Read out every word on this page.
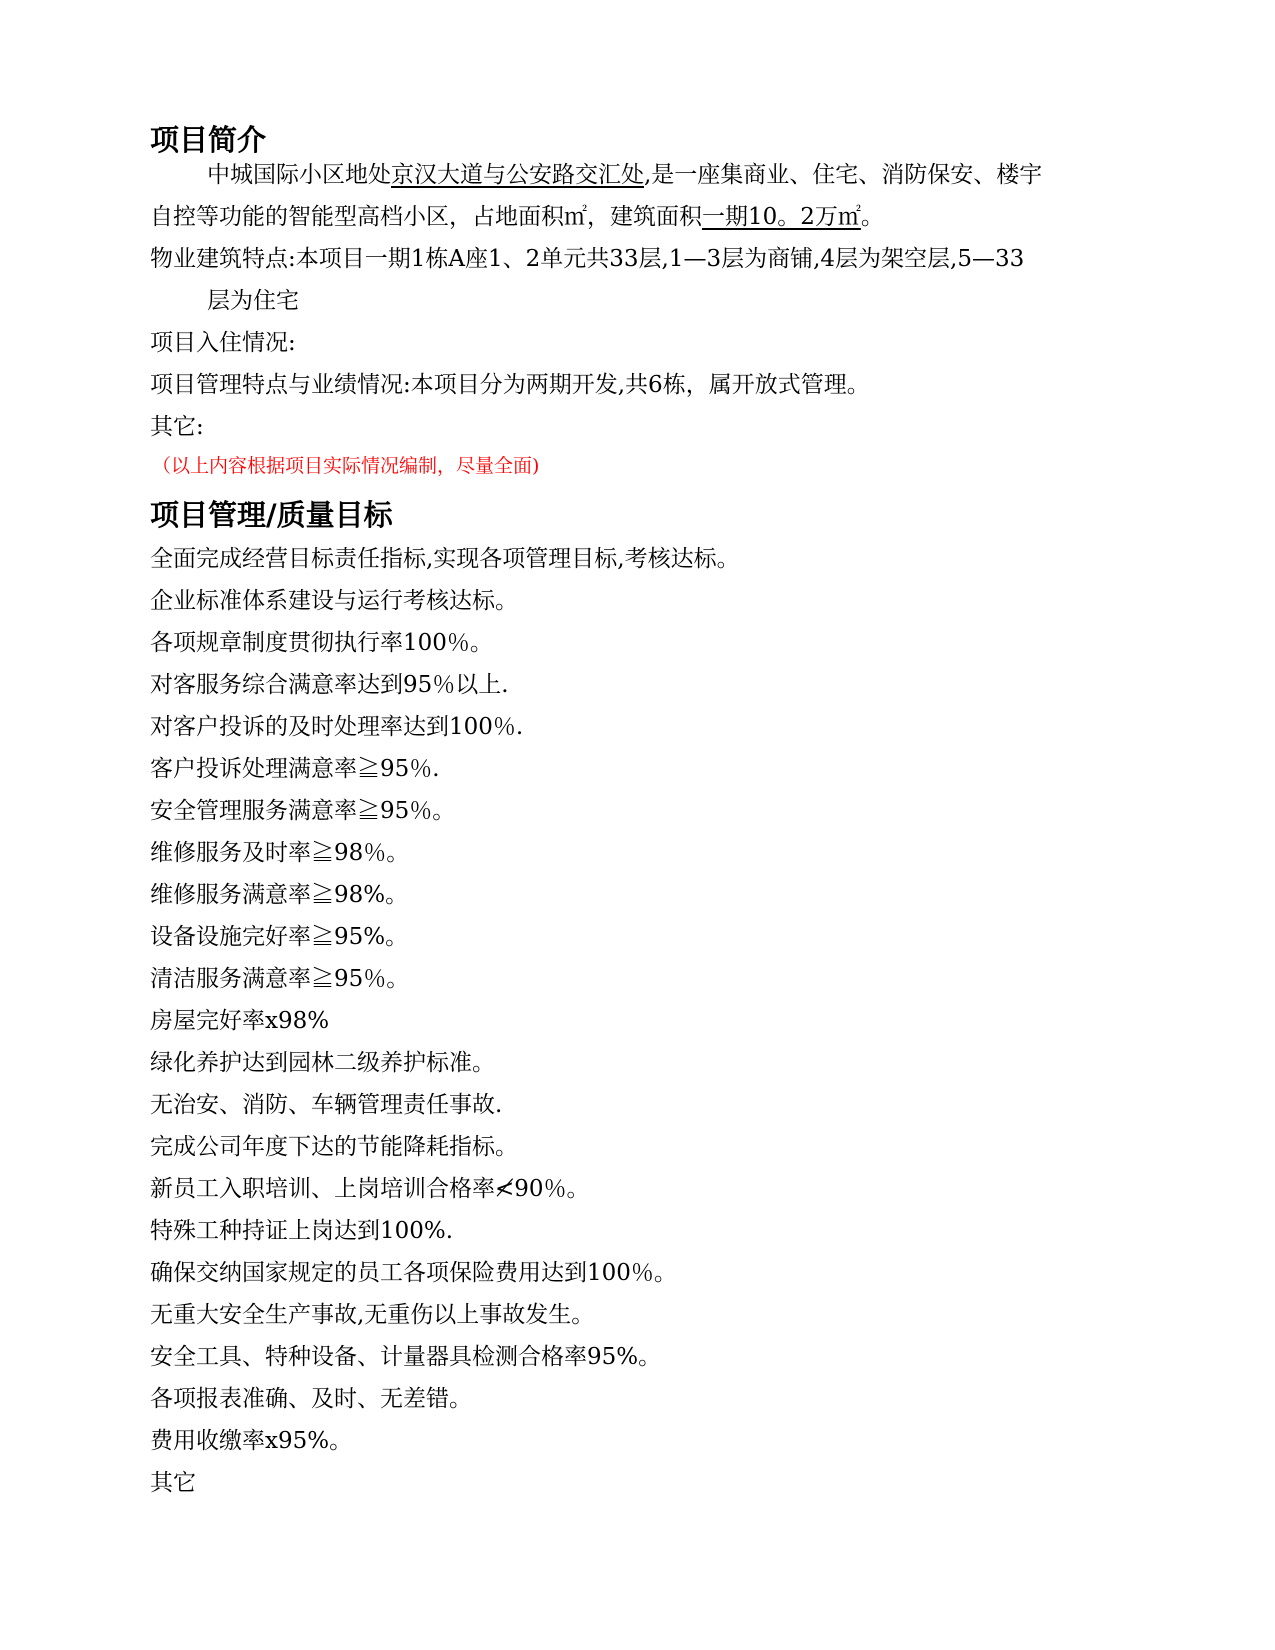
项目简介
中城国际小区地处京汉大道与公安路交汇处,是一座集商业、住宅、消防保安、楼宇
自控等功能的智能型高档小区，占地面积㎡，建筑面积一期10。2万㎡。
物业建筑特点:本项目一期1栋A座1、2单元共33层,1—3层为商铺,4层为架空层,5—33
层为住宅
项目入住情况:
项目管理特点与业绩情况:本项目分为两期开发,共6栋，属开放式管理。
其它:
（以上内容根据项目实际情况编制，尽量全面)
项目管理/质量目标
全面完成经营目标责任指标,实现各项管理目标,考核达标。
企业标准体系建设与运行考核达标。
各项规章制度贯彻执行率100％。
对客服务综合满意率达到95％以上.
对客户投诉的及时处理率达到100％.
客户投诉处理满意率≧95％.
安全管理服务满意率≧95％。
维修服务及时率≧98％。
维修服务满意率≧98%。
设备设施完好率≧95%。
清洁服务满意率≧95％。
房屋完好率ⅹ98%
绿化养护达到园林二级养护标准。
无治安、消防、车辆管理责任事故.
完成公司年度下达的节能降耗指标。
新员工入职培训、上岗培训合格率≮90％。
特殊工种持证上岗达到100%.
确保交纳国家规定的员工各项保险费用达到100％。
无重大安全生产事故,无重伤以上事故发生。
安全工具、特种设备、计量器具检测合格率95%。
各项报表准确、及时、无差错。
费用收缴率ⅹ95%。
其它
